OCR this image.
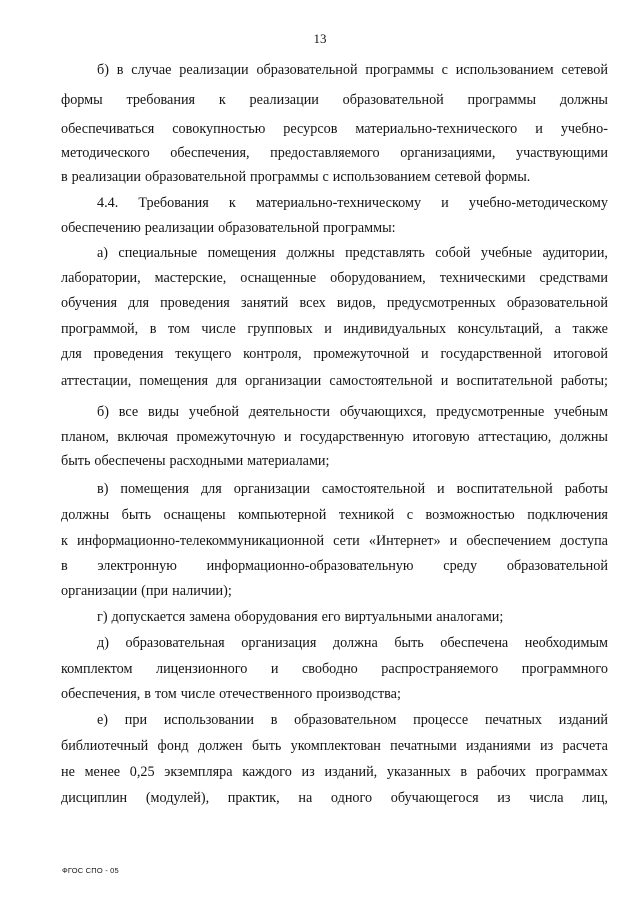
13
б) в случае реализации образовательной программы с использованием сетевой
формы требования к реализации образовательной программы должны
обеспечиваться совокупностью ресурсов материально-технического и учебно-
методического обеспечения, предоставляемого организациями, участвующими
в реализации образовательной программы с использованием сетевой формы.
4.4. Требования к материально-техническому и учебно-методическому
обеспечению реализации образовательной программы:
а) специальные помещения должны представлять собой учебные аудитории,
лаборатории, мастерские, оснащенные оборудованием, техническими средствами
обучения для проведения занятий всех видов, предусмотренных образовательной
программой, в том числе групповых и индивидуальных консультаций, а также
для проведения текущего контроля, промежуточной и государственной итоговой
аттестации, помещения для организации самостоятельной и воспитательной работы;
б) все виды учебной деятельности обучающихся, предусмотренные учебным
планом, включая промежуточную и государственную итоговую аттестацию, должны
быть обеспечены расходными материалами;
в) помещения для организации самостоятельной и воспитательной работы
должны быть оснащены компьютерной техникой с возможностью подключения
к информационно-телекоммуникационной сети «Интернет» и обеспечением доступа
в электронную информационно-образовательную среду образовательной
организации (при наличии);
г) допускается замена оборудования его виртуальными аналогами;
д) образовательная организация должна быть обеспечена необходимым
комплектом лицензионного и свободно распространяемого программного
обеспечения, в том числе отечественного производства;
е) при использовании в образовательном процессе печатных изданий
библиотечный фонд должен быть укомплектован печатными изданиями из расчета
не менее 0,25 экземпляра каждого из изданий, указанных в рабочих программах
дисциплин (модулей), практик, на одного обучающегося из числа лиц,
ФГОС СПО - 05
